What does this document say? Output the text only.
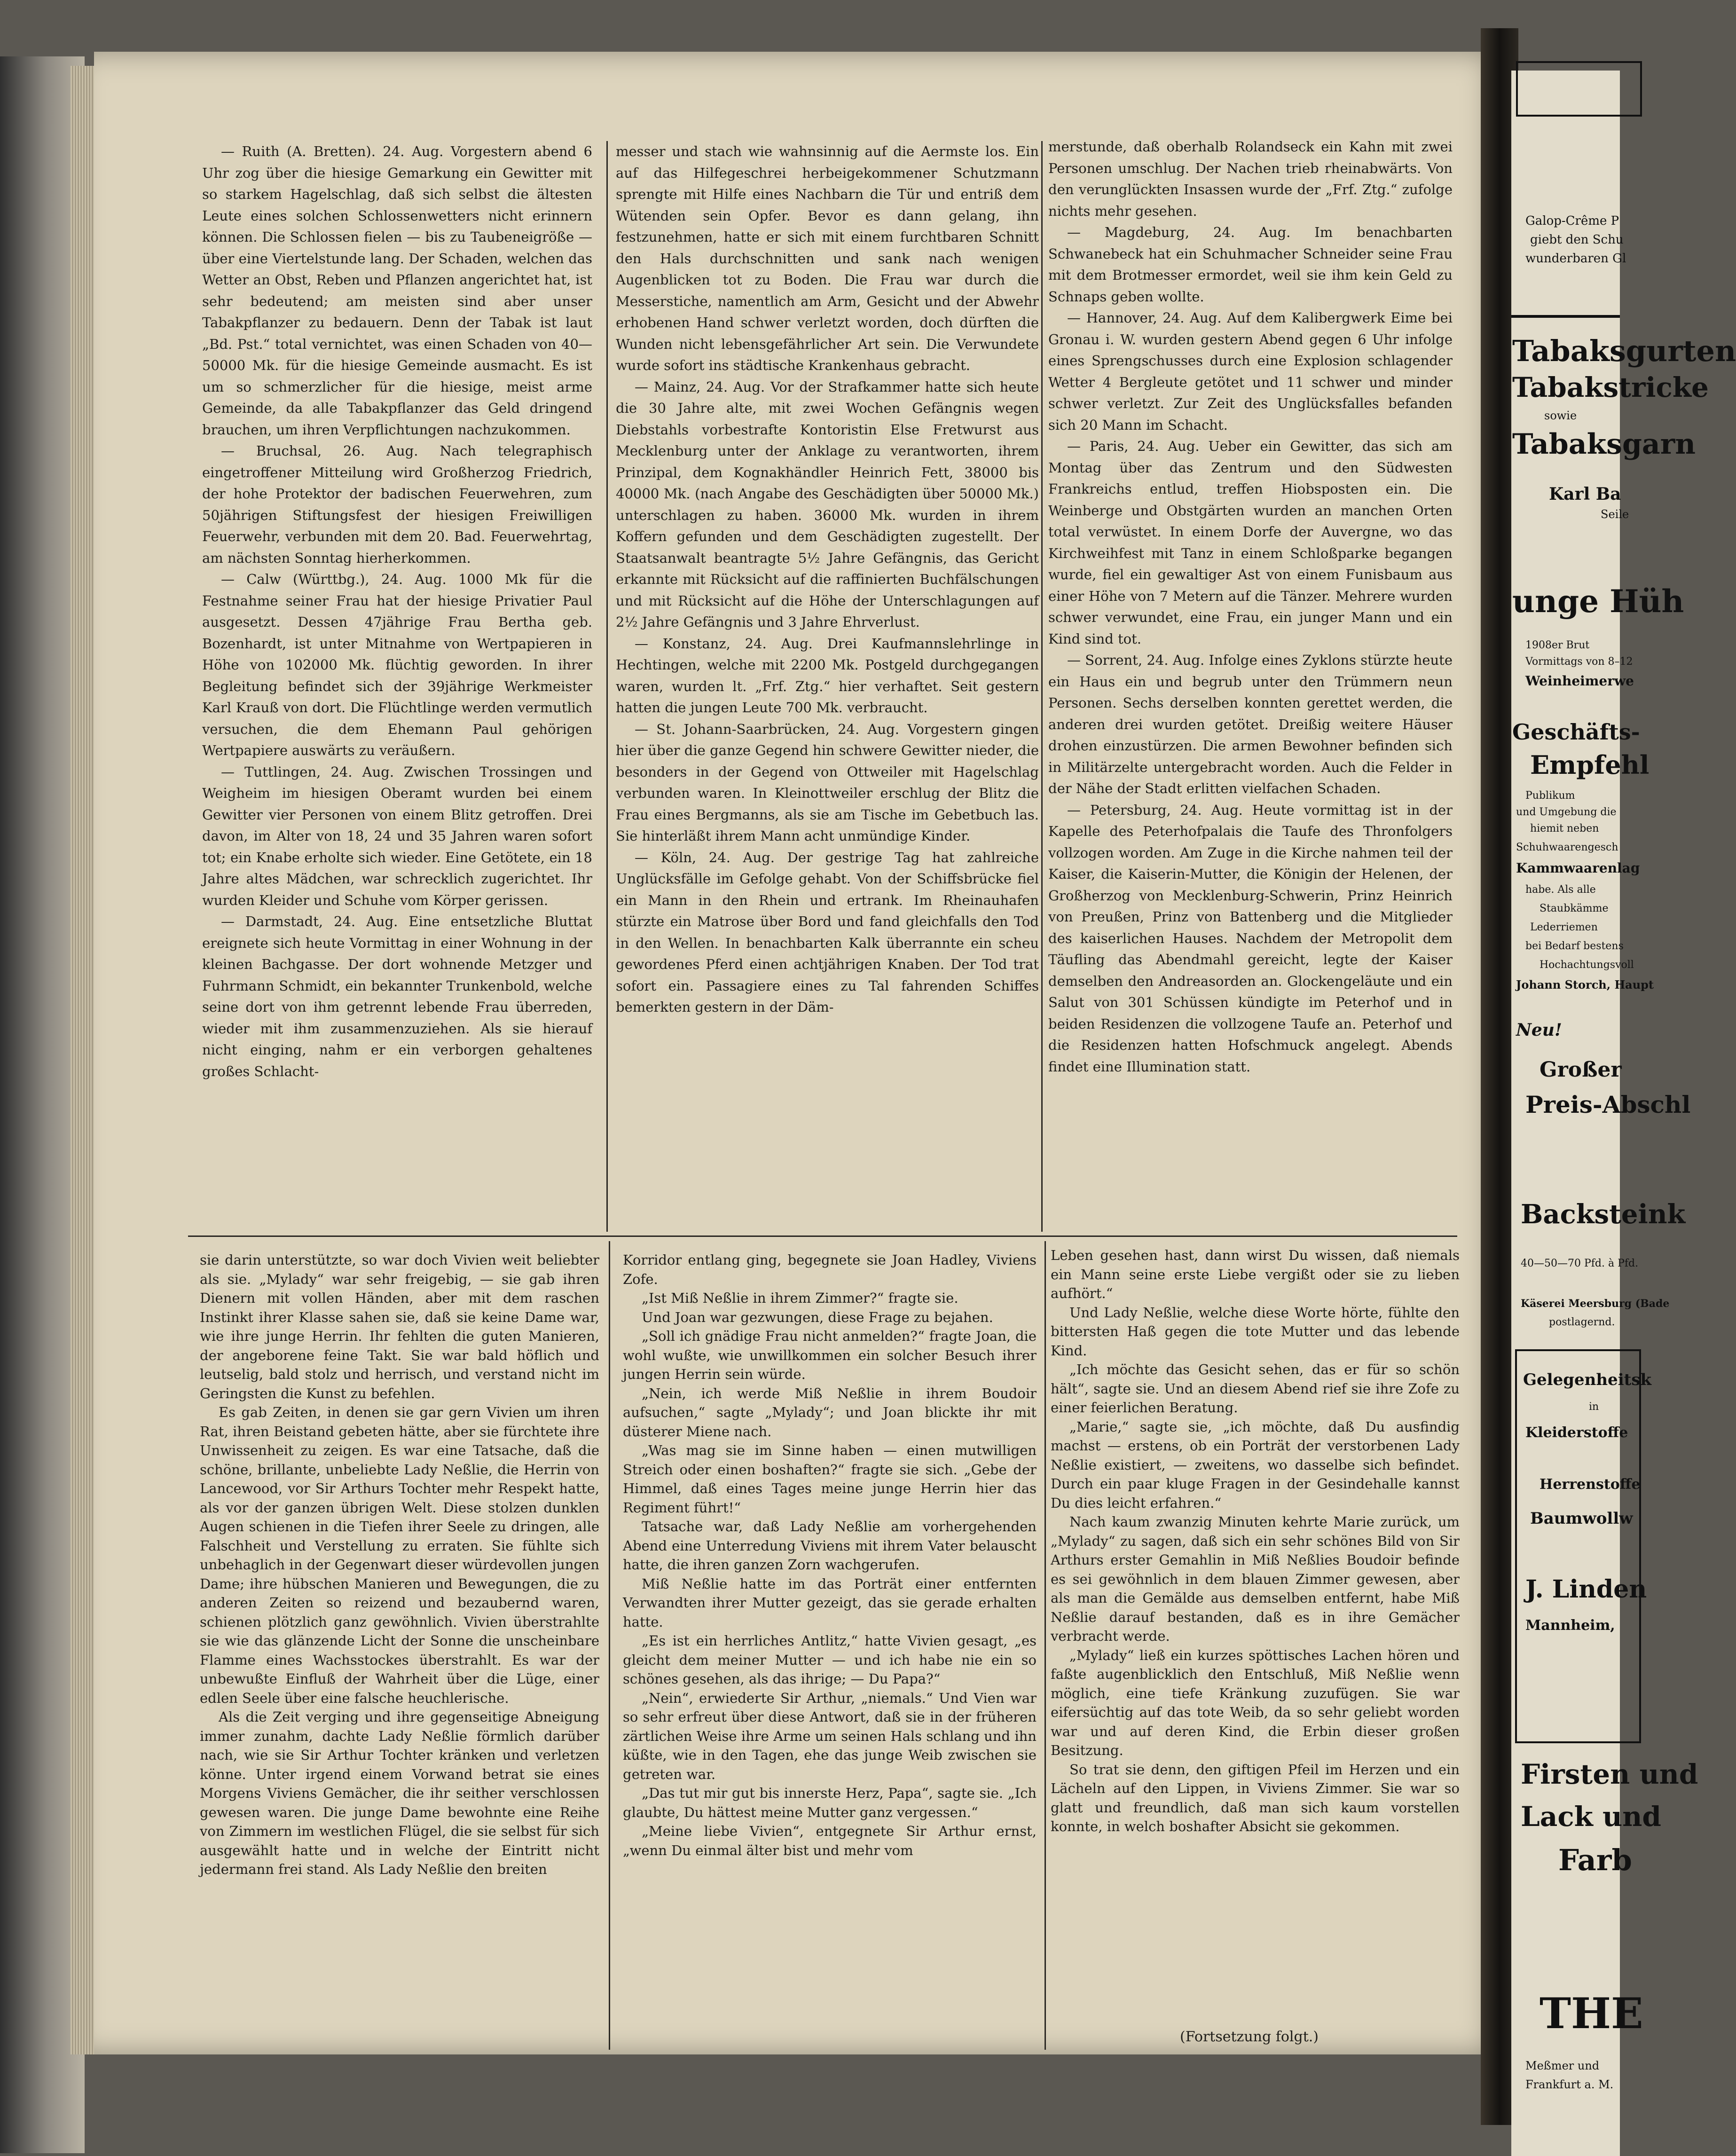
— Ruith (A. Bretten). 24. Aug. Vorgestern abend 6 Uhr zog über die hiesige Gemarkung ein Gewitter mit so starkem Hagelschlag, daß sich selbst die ältesten Leute eines solchen Schlossenwetters nicht erinnern können. Die Schlossen fielen — bis zu Taubeneigröße — über eine Viertelstunde lang. Der Schaden, welchen das Wetter an Obst, Reben und Pflanzen angerichtet hat, ist sehr bedeutend; am meisten sind aber unser Tabakpflanzer zu bedauern. Denn der Tabak ist laut „Bd. Pst.“ total vernichtet, was einen Schaden von 40—50000 Mk. für die hiesige Gemeinde ausmacht. Es ist um so schmerzlicher für die hiesige, meist arme Gemeinde, da alle Tabakpflanzer das Geld dringend brauchen, um ihren Verpflichtungen nachzukommen.

— Bruchsal, 26. Aug. Nach telegraphisch eingetroffener Mitteilung wird Großherzog Friedrich, der hohe Protektor der badischen Feuerwehren, zum 50jährigen Stiftungsfest der hiesigen Freiwilligen Feuerwehr, verbunden mit dem 20. Bad. Feuerwehrtag, am nächsten Sonntag hierherkommen.

— Calw (Württbg.), 24. Aug. 1000 Mk für die Festnahme seiner Frau hat der hiesige Privatier Paul ausgesetzt. Dessen 47jährige Frau Bertha geb. Bozenhardt, ist unter Mitnahme von Wertpapieren in Höhe von 102000 Mk. flüchtig geworden. In ihrer Begleitung befindet sich der 39jährige Werkmeister Karl Krauß von dort. Die Flüchtlinge werden vermutlich versuchen, die dem Ehemann Paul gehörigen Wertpapiere auswärts zu veräußern.

— Tuttlingen, 24. Aug. Zwischen Trossingen und Weigheim im hiesigen Oberamt wurden bei einem Gewitter vier Personen von einem Blitz getroffen. Drei davon, im Alter von 18, 24 und 35 Jahren waren sofort tot; ein Knabe erholte sich wieder. Eine Getötete, ein 18 Jahre altes Mädchen, war schrecklich zugerichtet. Ihr wurden Kleider und Schuhe vom Körper gerissen.

— Darmstadt, 24. Aug. Eine entsetzliche Bluttat ereignete sich heute Vormittag in einer Wohnung in der kleinen Bachgasse. Der dort wohnende Metzger und Fuhrmann Schmidt, ein bekannter Trunkenbold, welche seine dort von ihm getrennt lebende Frau überreden, wieder mit ihm zusammenzuziehen. Als sie hierauf nicht einging, nahm er ein verborgen gehaltenes großes Schlacht-

messer und stach wie wahnsinnig auf die Aermste los. Ein auf das Hilfegeschrei herbeigekommener Schutzmann sprengte mit Hilfe eines Nachbarn die Tür und entriß dem Wütenden sein Opfer. Bevor es dann gelang, ihn festzunehmen, hatte er sich mit einem furchtbaren Schnitt den Hals durchschnitten und sank nach wenigen Augenblicken tot zu Boden. Die Frau war durch die Messerstiche, namentlich am Arm, Gesicht und der Abwehr erhobenen Hand schwer verletzt worden, doch dürften die Wunden nicht lebensgefährlicher Art sein. Die Verwundete wurde sofort ins städtische Krankenhaus gebracht.

— Mainz, 24. Aug. Vor der Strafkammer hatte sich heute die 30 Jahre alte, mit zwei Wochen Gefängnis wegen Diebstahls vorbestrafte Kontoristin Else Fretwurst aus Mecklenburg unter der Anklage zu verantworten, ihrem Prinzipal, dem Kognakhändler Heinrich Fett, 38000 bis 40000 Mk. (nach Angabe des Geschädigten über 50000 Mk.) unterschlagen zu haben. 36000 Mk. wurden in ihrem Koffern gefunden und dem Geschädigten zugestellt. Der Staatsanwalt beantragte 5½ Jahre Gefängnis, das Gericht erkannte mit Rücksicht auf die raffinierten Buchfälschungen und mit Rücksicht auf die Höhe der Unterschlagungen auf 2½ Jahre Gefängnis und 3 Jahre Ehrverlust.

— Konstanz, 24. Aug. Drei Kaufmannslehrlinge in Hechtingen, welche mit 2200 Mk. Postgeld durchgegangen waren, wurden lt. „Frf. Ztg.“ hier verhaftet. Seit gestern hatten die jungen Leute 700 Mk. verbraucht.

— St. Johann-Saarbrücken, 24. Aug. Vorgestern gingen hier über die ganze Gegend hin schwere Gewitter nieder, die besonders in der Gegend von Ottweiler mit Hagelschlag verbunden waren. In Kleinottweiler erschlug der Blitz die Frau eines Bergmanns, als sie am Tische im Gebetbuch las. Sie hinterläßt ihrem Mann acht unmündige Kinder.

— Köln, 24. Aug. Der gestrige Tag hat zahlreiche Unglücksfälle im Gefolge gehabt. Von der Schiffsbrücke fiel ein Mann in den Rhein und ertrank. Im Rheinauhafen stürzte ein Matrose über Bord und fand gleichfalls den Tod in den Wellen. In benachbarten Kalk überrannte ein scheu gewordenes Pferd einen achtjährigen Knaben. Der Tod trat sofort ein. Passagiere eines zu Tal fahrenden Schiffes bemerkten gestern in der Däm-

merstunde, daß oberhalb Rolandseck ein Kahn mit zwei Personen umschlug. Der Nachen trieb rheinabwärts. Von den verunglückten Insassen wurde der „Frf. Ztg.“ zufolge nichts mehr gesehen.

— Magdeburg, 24. Aug. Im benachbarten Schwanebeck hat ein Schuhmacher Schneider seine Frau mit dem Brotmesser ermordet, weil sie ihm kein Geld zu Schnaps geben wollte.

— Hannover, 24. Aug. Auf dem Kalibergwerk Eime bei Gronau i. W. wurden gestern Abend gegen 6 Uhr infolge eines Sprengschusses durch eine Explosion schlagender Wetter 4 Bergleute getötet und 11 schwer und minder schwer verletzt. Zur Zeit des Unglücksfalles befanden sich 20 Mann im Schacht.

— Paris, 24. Aug. Ueber ein Gewitter, das sich am Montag über das Zentrum und den Südwesten Frankreichs entlud, treffen Hiobsposten ein. Die Weinberge und Obstgärten wurden an manchen Orten total verwüstet. In einem Dorfe der Auvergne, wo das Kirchweihfest mit Tanz in einem Schloßparke begangen wurde, fiel ein gewaltiger Ast von einem Funisbaum aus einer Höhe von 7 Metern auf die Tänzer. Mehrere wurden schwer verwundet, eine Frau, ein junger Mann und ein Kind sind tot.

— Sorrent, 24. Aug. Infolge eines Zyklons stürzte heute ein Haus ein und begrub unter den Trümmern neun Personen. Sechs derselben konnten gerettet werden, die anderen drei wurden getötet. Dreißig weitere Häuser drohen einzustürzen. Die armen Bewohner befinden sich in Militärzelte untergebracht worden. Auch die Felder in der Nähe der Stadt erlitten vielfachen Schaden.

— Petersburg, 24. Aug. Heute vormittag ist in der Kapelle des Peterhofpalais die Taufe des Thronfolgers vollzogen worden. Am Zuge in die Kirche nahmen teil der Kaiser, die Kaiserin-Mutter, die Königin der Helenen, der Großherzog von Mecklenburg-Schwerin, Prinz Heinrich von Preußen, Prinz von Battenberg und die Mitglieder des kaiserlichen Hauses. Nachdem der Metropolit dem Täufling das Abendmahl gereicht, legte der Kaiser demselben den Andreasorden an. Glockengeläute und ein Salut von 301 Schüssen kündigte im Peterhof und in beiden Residenzen die vollzogene Taufe an. Peterhof und die Residenzen hatten Hofschmuck angelegt. Abends findet eine Illumination statt.

sie darin unterstützte, so war doch Vivien weit beliebter als sie. „Mylady“ war sehr freigebig, — sie gab ihren Dienern mit vollen Händen, aber mit dem raschen Instinkt ihrer Klasse sahen sie, daß sie keine Dame war, wie ihre junge Herrin. Ihr fehlten die guten Manieren, der angeborene feine Takt. Sie war bald höflich und leutselig, bald stolz und herrisch, und verstand nicht im Geringsten die Kunst zu befehlen.

Es gab Zeiten, in denen sie gar gern Vivien um ihren Rat, ihren Beistand gebeten hätte, aber sie fürchtete ihre Unwissenheit zu zeigen. Es war eine Tatsache, daß die schöne, brillante, unbeliebte Lady Neßlie, die Herrin von Lancewood, vor Sir Arthurs Tochter mehr Respekt hatte, als vor der ganzen übrigen Welt. Diese stolzen dunklen Augen schienen in die Tiefen ihrer Seele zu dringen, alle Falschheit und Verstellung zu erraten. Sie fühlte sich unbehaglich in der Gegenwart dieser würdevollen jungen Dame; ihre hübschen Manieren und Bewegungen, die zu anderen Zeiten so reizend und bezaubernd waren, schienen plötzlich ganz gewöhnlich. Vivien überstrahlte sie wie das glänzende Licht der Sonne die unscheinbare Flamme eines Wachsstockes überstrahlt. Es war der unbewußte Einfluß der Wahrheit über die Lüge, einer edlen Seele über eine falsche heuchlerische.

Als die Zeit verging und ihre gegenseitige Abneigung immer zunahm, dachte Lady Neßlie förmlich darüber nach, wie sie Sir Arthur Tochter kränken und verletzen könne. Unter irgend einem Vorwand betrat sie eines Morgens Viviens Gemächer, die ihr seither verschlossen gewesen waren. Die junge Dame bewohnte eine Reihe von Zimmern im westlichen Flügel, die sie selbst für sich ausgewählt hatte und in welche der Eintritt nicht jedermann frei stand. Als Lady Neßlie den breiten

Korridor entlang ging, begegnete sie Joan Hadley, Viviens Zofe.

„Ist Miß Neßlie in ihrem Zimmer?“ fragte sie.

Und Joan war gezwungen, diese Frage zu bejahen.

„Soll ich gnädige Frau nicht anmelden?“ fragte Joan, die wohl wußte, wie unwillkommen ein solcher Besuch ihrer jungen Herrin sein würde.

„Nein, ich werde Miß Neßlie in ihrem Boudoir aufsuchen,“ sagte „Mylady“; und Joan blickte ihr mit düsterer Miene nach.

„Was mag sie im Sinne haben — einen mutwilligen Streich oder einen boshaften?“ fragte sie sich. „Gebe der Himmel, daß eines Tages meine junge Herrin hier das Regiment führt!“

Tatsache war, daß Lady Neßlie am vorhergehenden Abend eine Unterredung Viviens mit ihrem Vater belauscht hatte, die ihren ganzen Zorn wachgerufen.

Miß Neßlie hatte im das Porträt einer entfernten Verwandten ihrer Mutter gezeigt, das sie gerade erhalten hatte.

„Es ist ein herrliches Antlitz,“ hatte Vivien gesagt, „es gleicht dem meiner Mutter — und ich habe nie ein so schönes gesehen, als das ihrige; — Du Papa?“

„Nein“, erwiederte Sir Arthur, „niemals.“ Und Vien war so sehr erfreut über diese Antwort, daß sie in der früheren zärtlichen Weise ihre Arme um seinen Hals schlang und ihn küßte, wie in den Tagen, ehe das junge Weib zwischen sie getreten war.

„Das tut mir gut bis innerste Herz, Papa“, sagte sie. „Ich glaubte, Du hättest meine Mutter ganz vergessen.“

„Meine liebe Vivien“, entgegnete Sir Arthur ernst, „wenn Du einmal älter bist und mehr vom

Leben gesehen hast, dann wirst Du wissen, daß niemals ein Mann seine erste Liebe vergißt oder sie zu lieben aufhört.“

Und Lady Neßlie, welche diese Worte hörte, fühlte den bittersten Haß gegen die tote Mutter und das lebende Kind.

„Ich möchte das Gesicht sehen, das er für so schön hält“, sagte sie. Und an diesem Abend rief sie ihre Zofe zu einer feierlichen Beratung.

„Marie,“ sagte sie, „ich möchte, daß Du ausfindig machst — erstens, ob ein Porträt der verstorbenen Lady Neßlie existiert, — zweitens, wo dasselbe sich befindet. Durch ein paar kluge Fragen in der Gesindehalle kannst Du dies leicht erfahren.“

Nach kaum zwanzig Minuten kehrte Marie zurück, um „Mylady“ zu sagen, daß sich ein sehr schönes Bild von Sir Arthurs erster Gemahlin in Miß Neßlies Boudoir befinde es sei gewöhnlich in dem blauen Zimmer gewesen, aber als man die Gemälde aus demselben entfernt, habe Miß Neßlie darauf bestanden, daß es in ihre Gemächer verbracht werde.

„Mylady“ ließ ein kurzes spöttisches Lachen hören und faßte augenblicklich den Entschluß, Miß Neßlie wenn möglich, eine tiefe Kränkung zuzufügen. Sie war eifersüchtig auf das tote Weib, da so sehr geliebt worden war und auf deren Kind, die Erbin dieser großen Besitzung.

So trat sie denn, den giftigen Pfeil im Herzen und ein Lächeln auf den Lippen, in Viviens Zimmer. Sie war so glatt und freundlich, daß man sich kaum vorstellen konnte, in welch boshafter Absicht sie gekommen.

(Fortsetzung folgt.)
Galop-Crême P
giebt den Schu
wunderbaren Gl
Tabaksgurten
Tabakstricke
sowie
Tabaksgarn
Karl Ba
Seile
unge Hüh
1908er Brut
Vormittags von 8–12
Weinheimerwe
Geschäfts-
Empfehl
Publikum
und Umgebung die
hiemit neben
Schuhwaarengesch
Kammwaarenlag
habe. Als alle
Staubkämme
Lederriemen
bei Bedarf bestens
Hochachtungsvoll
Johann Storch, Haupt
Neu!
Großer
Preis-Abschl
Backsteink
40—50—70 Pfd. à Pfd.
Käserei Meersburg (Bade
postlagernd.
Gelegenheitsk
in
Kleiderstoffe
Herrenstoffe
Baumwollw
J. Linden
Mannheim,
Firsten und
Lack und
Farb
THE
Meßmer und
Frankfurt a. M.
